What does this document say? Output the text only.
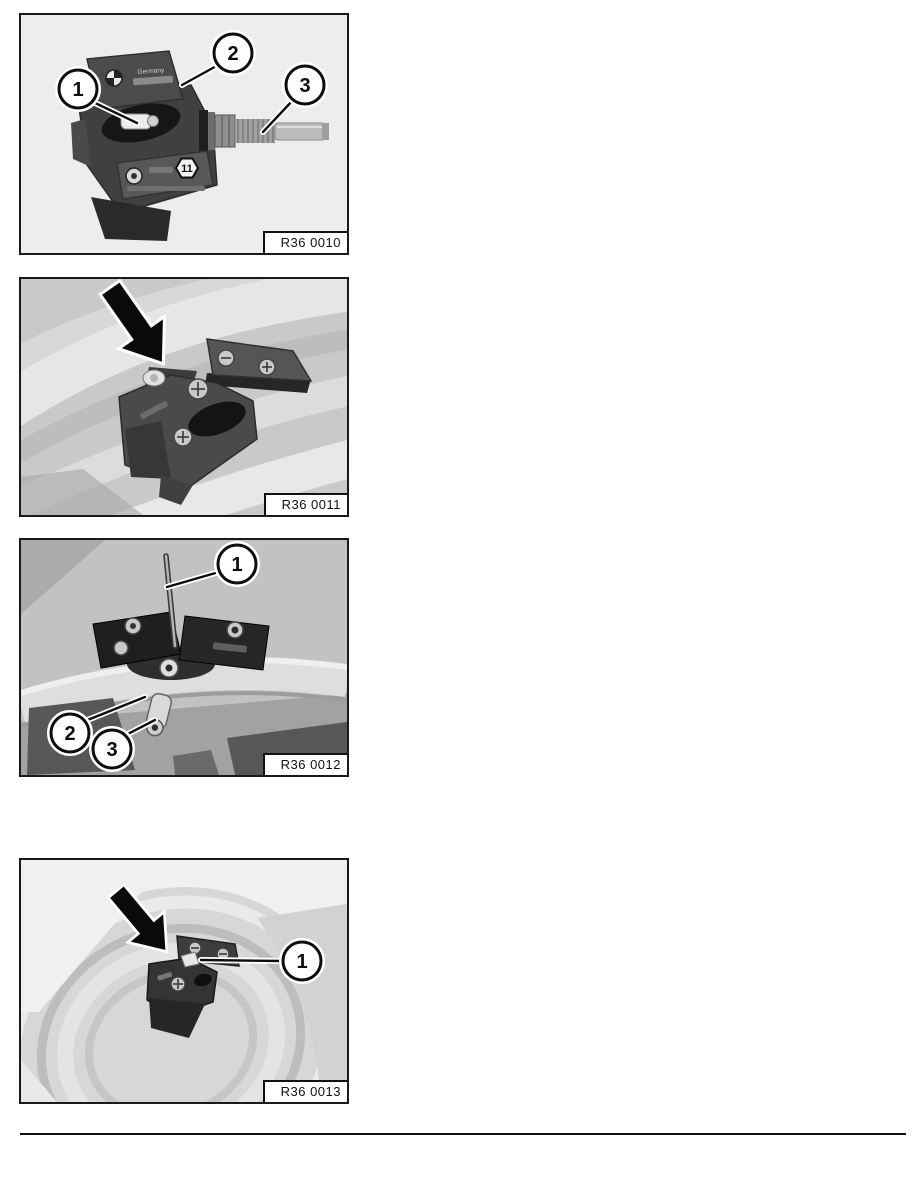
Germany
11
1
2
3
R36 0010
R36 0011
1
2
3
R36 0012
1
R36 0013
